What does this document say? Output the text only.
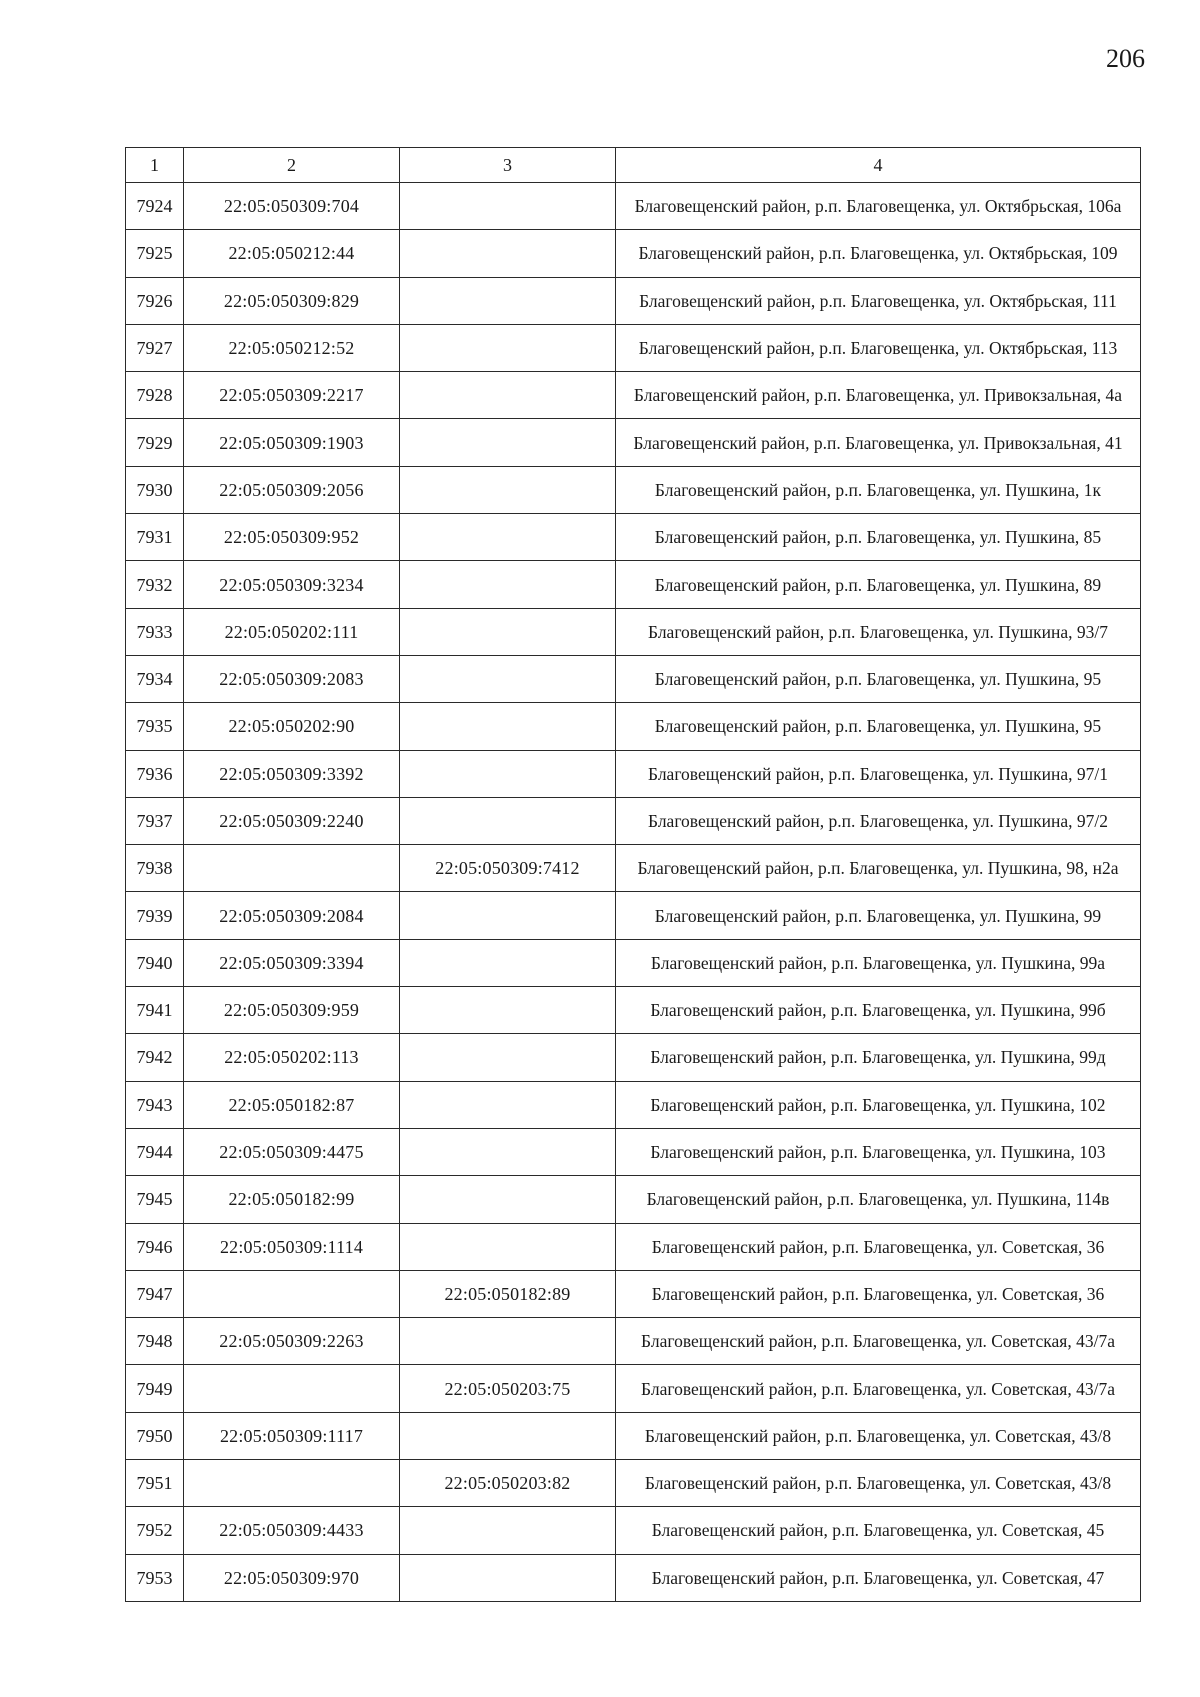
206
1	2	3	4
7924	22:05:050309:704		Благовещенский район, р.п. Благовещенка, ул. Октябрьская, 106а
7925	22:05:050212:44		Благовещенский район, р.п. Благовещенка, ул. Октябрьская, 109
7926	22:05:050309:829		Благовещенский район, р.п. Благовещенка, ул. Октябрьская, 111
7927	22:05:050212:52		Благовещенский район, р.п. Благовещенка, ул. Октябрьская, 113
7928	22:05:050309:2217		Благовещенский район, р.п. Благовещенка, ул. Привокзальная, 4а
7929	22:05:050309:1903		Благовещенский район, р.п. Благовещенка, ул. Привокзальная, 41
7930	22:05:050309:2056		Благовещенский район, р.п. Благовещенка, ул. Пушкина, 1к
7931	22:05:050309:952		Благовещенский район, р.п. Благовещенка, ул. Пушкина, 85
7932	22:05:050309:3234		Благовещенский район, р.п. Благовещенка, ул. Пушкина, 89
7933	22:05:050202:111		Благовещенский район, р.п. Благовещенка, ул. Пушкина, 93/7
7934	22:05:050309:2083		Благовещенский район, р.п. Благовещенка, ул. Пушкина, 95
7935	22:05:050202:90		Благовещенский район, р.п. Благовещенка, ул. Пушкина, 95
7936	22:05:050309:3392		Благовещенский район, р.п. Благовещенка, ул. Пушкина, 97/1
7937	22:05:050309:2240		Благовещенский район, р.п. Благовещенка, ул. Пушкина, 97/2
7938		22:05:050309:7412	Благовещенский район, р.п. Благовещенка, ул. Пушкина, 98, н2а
7939	22:05:050309:2084		Благовещенский район, р.п. Благовещенка, ул. Пушкина, 99
7940	22:05:050309:3394		Благовещенский район, р.п. Благовещенка, ул. Пушкина, 99а
7941	22:05:050309:959		Благовещенский район, р.п. Благовещенка, ул. Пушкина, 99б
7942	22:05:050202:113		Благовещенский район, р.п. Благовещенка, ул. Пушкина, 99д
7943	22:05:050182:87		Благовещенский район, р.п. Благовещенка, ул. Пушкина, 102
7944	22:05:050309:4475		Благовещенский район, р.п. Благовещенка, ул. Пушкина, 103
7945	22:05:050182:99		Благовещенский район, р.п. Благовещенка, ул. Пушкина, 114в
7946	22:05:050309:1114		Благовещенский район, р.п. Благовещенка, ул. Советская, 36
7947		22:05:050182:89	Благовещенский район, р.п. Благовещенка, ул. Советская, 36
7948	22:05:050309:2263		Благовещенский район, р.п. Благовещенка, ул. Советская, 43/7а
7949		22:05:050203:75	Благовещенский район, р.п. Благовещенка, ул. Советская, 43/7а
7950	22:05:050309:1117		Благовещенский район, р.п. Благовещенка, ул. Советская, 43/8
7951		22:05:050203:82	Благовещенский район, р.п. Благовещенка, ул. Советская, 43/8
7952	22:05:050309:4433		Благовещенский район, р.п. Благовещенка, ул. Советская, 45
7953	22:05:050309:970		Благовещенский район, р.п. Благовещенка, ул. Советская, 47
